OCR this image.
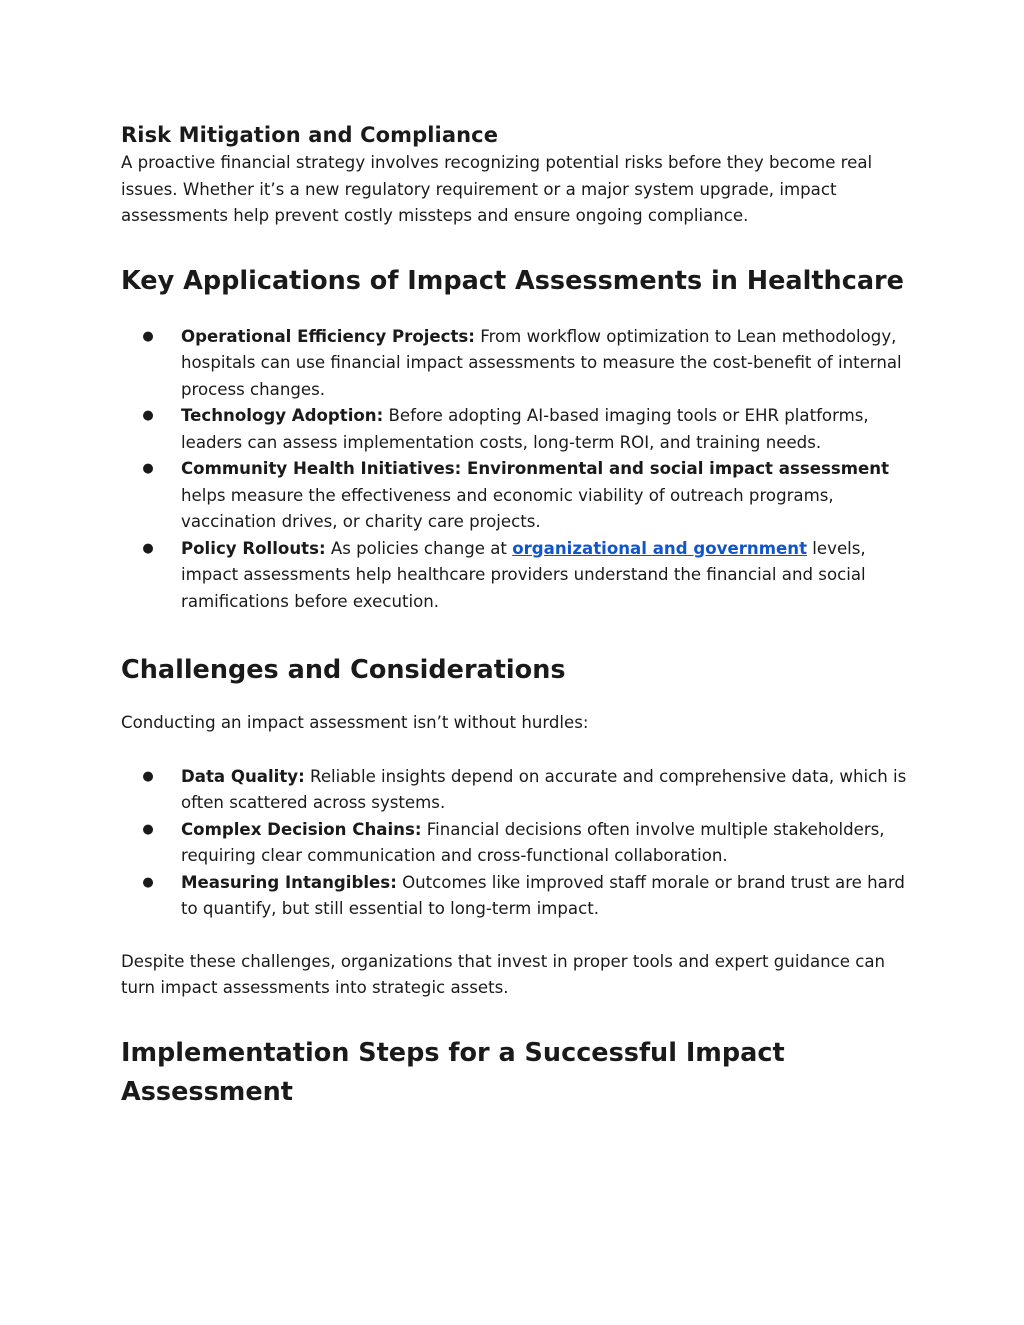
Risk Mitigation and Compliance

A proactive financial strategy involves recognizing potential risks before they become real issues. Whether it’s a new regulatory requirement or a major system upgrade, impact assessments help prevent costly missteps and ensure ongoing compliance.

Key Applications of Impact Assessments in Healthcare
● Operational Efficiency Projects: From workflow optimization to Lean methodology, hospitals can use financial impact assessments to measure the cost-benefit of internal process changes.
● Technology Adoption: Before adopting AI-based imaging tools or EHR platforms, leaders can assess implementation costs, long-term ROI, and training needs.
● Community Health Initiatives: Environmental and social impact assessment helps measure the effectiveness and economic viability of outreach programs, vaccination drives, or charity care projects.
● Policy Rollouts: As policies change at organizational and government levels, impact assessments help healthcare providers understand the financial and social ramifications before execution.
Challenges and Considerations

Conducting an impact assessment isn’t without hurdles:

● Data Quality: Reliable insights depend on accurate and comprehensive data, which is often scattered across systems.
● Complex Decision Chains: Financial decisions often involve multiple stakeholders, requiring clear communication and cross-functional collaboration.
● Measuring Intangibles: Outcomes like improved staff morale or brand trust are hard to quantify, but still essential to long-term impact.

Despite these challenges, organizations that invest in proper tools and expert guidance can turn impact assessments into strategic assets.

Implementation Steps for a Successful Impact Assessment
